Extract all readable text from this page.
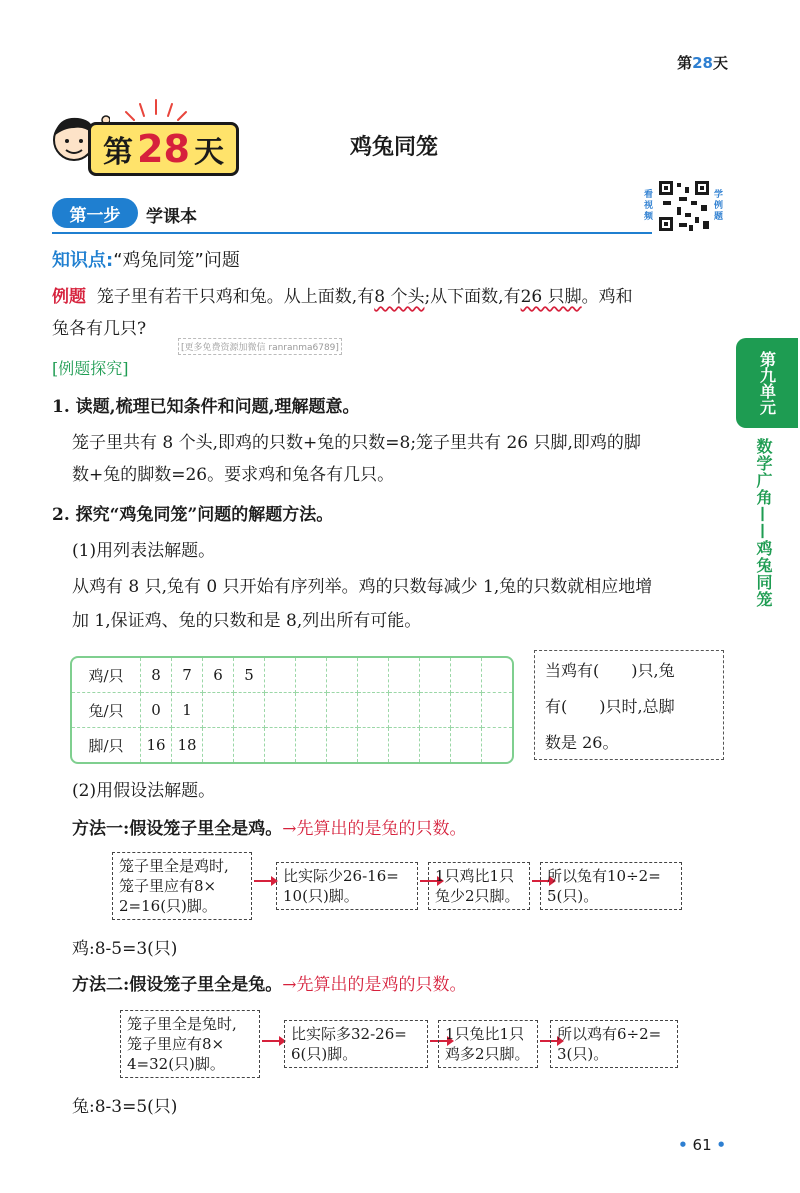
第28天
第 28 天	鸡兔同笼
看视频
学例题
第一步	学课本
知识点:“鸡兔同笼”问题
例题 笼子里有若干只鸡和兔。从上面数,有8 个头;从下面数,有26 只脚。鸡和
兔各有几只?
[更多免费资源加微信 ranranma6789]
[例题探究]
1. 读题,梳理已知条件和问题,理解题意。
笼子里共有 8 个头,即鸡的只数+兔的只数=8;笼子里共有 26 只脚,即鸡的脚
数+兔的脚数=26。要求鸡和兔各有几只。
2. 探究“鸡兔同笼”问题的解题方法。
(1)用列表法解题。
从鸡有 8 只,兔有 0 只开始有序列举。鸡的只数每减少 1,兔的只数就相应地增
加 1,保证鸡、兔的只数和是 8,列出所有可能。
鸡/只	8	7	6	5								
兔/只	0	1										
脚/只	16	18										
当鸡有(　　)只,兔
有(　　)只时,总脚
数是 26。
(2)用假设法解题。
方法一:假设笼子里全是鸡。→先算出的是兔的只数。
笼子里全是鸡时,
笼子里应有8×
2=16(只)脚。
比实际少26-16=
10(只)脚。
1只鸡比1只
兔少2只脚。
所以兔有10÷2=
5(只)。
鸡:8-5=3(只)
方法二:假设笼子里全是兔。→先算出的是鸡的只数。
笼子里全是兔时,
笼子里应有8×
4=32(只)脚。
比实际多32-26=
6(只)脚。
1只兔比1只
鸡多2只脚。
所以鸡有6÷2=
3(只)。
兔:8-3=5(只)
第九单元
数学广角——鸡兔同笼
• 61 •
